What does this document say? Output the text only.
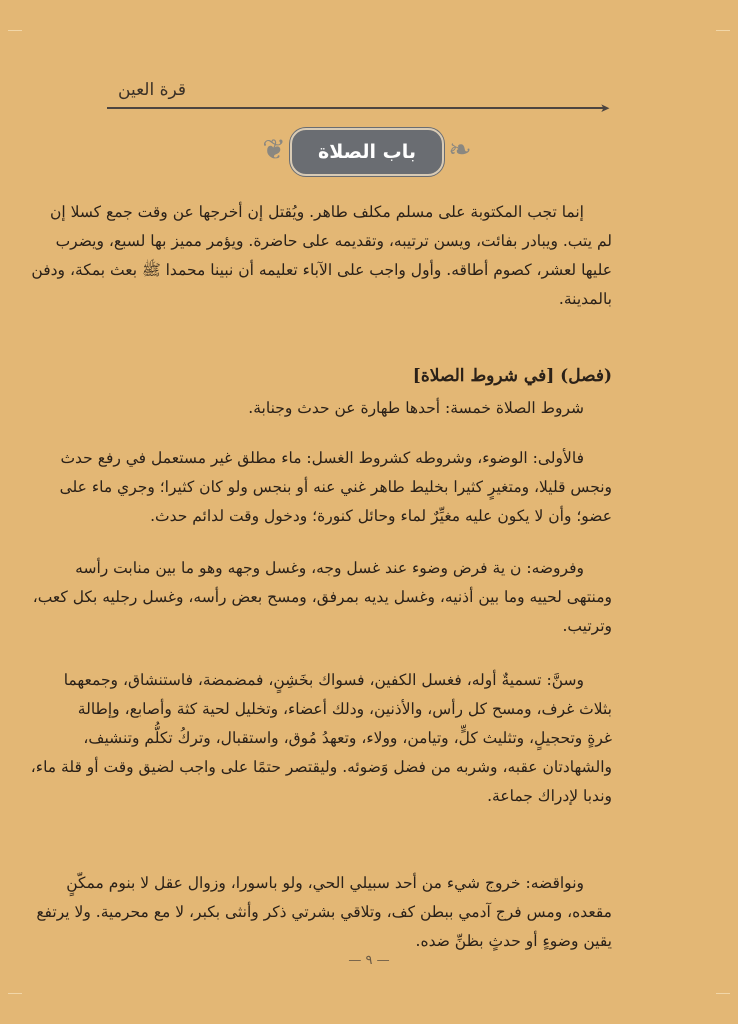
قرة العين
➤
❦	باب الصلاة ❧
إنما تجب المكتوبة على مسلم مكلف طاهر. ويُقتل إن أخرجها عن وقت جمع كسلا إن
لم يتب. ويبادر بفائت، ويسن ترتيبه، وتقديمه على حاضرة. ويؤمر مميز بها لسبع، ويضرب
عليها لعشر، كصوم أطاقه. وأول واجب على الآباء تعليمه أن نبينا محمدا ﷺ بعث بمكة، ودفن
بالمدينة.
(فصل) [في شروط الصلاة]
شروط الصلاة خمسة: أحدها طهارة عن حدث وجنابة.
فالأولى: الوضوء، وشروطه كشروط الغسل: ماء مطلق غير مستعمل في رفع حدث
ونجس قليلا، ومتغيرٍ كثيرا بخليط طاهر غني عنه أو بنجس ولو كان كثيرا؛ وجري ماء على
عضو؛ وأن لا يكون عليه مغيِّرٌ لماء وحائل كنورة؛ ودخول وقت لدائم حدث.
وفروضه: ن ية فرض وضوء عند غسل وجه، وغسل وجهه وهو ما بين منابت رأسه
ومنتهى لحييه وما بين أذنيه، وغسل يديه بمرفق، ومسح بعض رأسه، وغسل رجليه بكل كعب،
وترتيب.
وسنَّ: تسميةٌ أوله، فغسل الكفين، فسواك بخَشِنٍ، فمضمضة، فاستنشاق، وجمعهما
بثلاث غرف، ومسح كل رأس، والأذنين، ودلك أعضاء، وتخليل لحية كثة وأصابع، وإطالة
غرةٍ وتحجيلٍ، وتثليث كلٍّ، وتيامن، وولاء، وتعهدُ مُوق، واستقبال، وتركُ تكلُّم وتنشيف،
والشهادتان عقبه، وشربه من فضل وَضوئه. وليقتصر حتمًا على واجب لضيق وقت أو قلة ماء،
وندبا لإدراك جماعة.
ونواقضه: خروج شيء من أحد سبيلي الحي، ولو باسورا، وزوال عقل لا بنوم ممكّنٍ
مقعده، ومس فرج آدمي ببطن كف، وتلاقي بشرتي ذكر وأنثى بكبر، لا مع محرمية. ولا يرتفع
يقين وضوءٍ أو حدثٍ بظنِّ ضده.
— ٩ —
